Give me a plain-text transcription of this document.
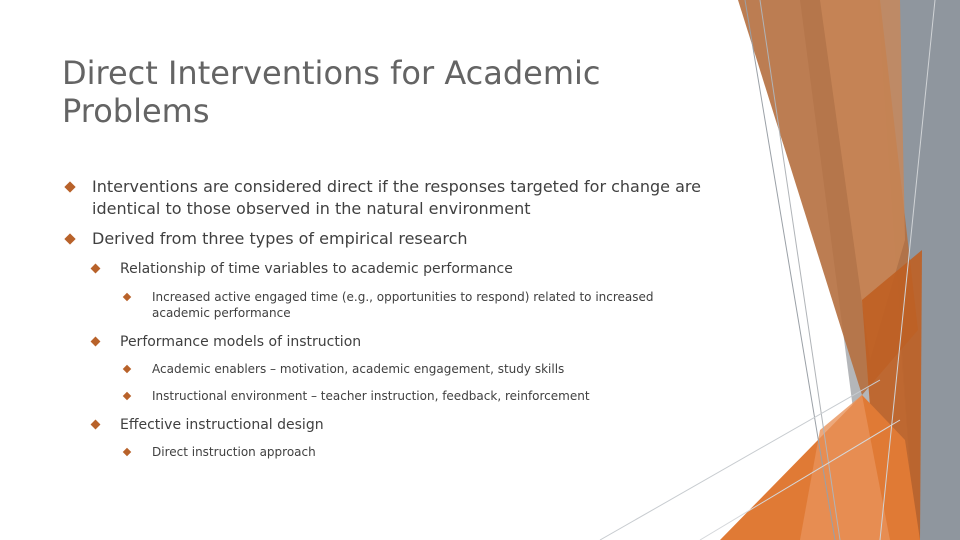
Direct Interventions for Academic Problems
Interventions are considered direct if the responses targeted for change are identical to those observed in the natural environment
Derived from three types of empirical research
Relationship of time variables to academic performance
Increased active engaged time (e.g., opportunities to respond) related to increased academic performance
Performance models of instruction
Academic enablers – motivation, academic engagement, study skills
Instructional environment – teacher instruction, feedback, reinforcement
Effective instructional design
Direct instruction approach
